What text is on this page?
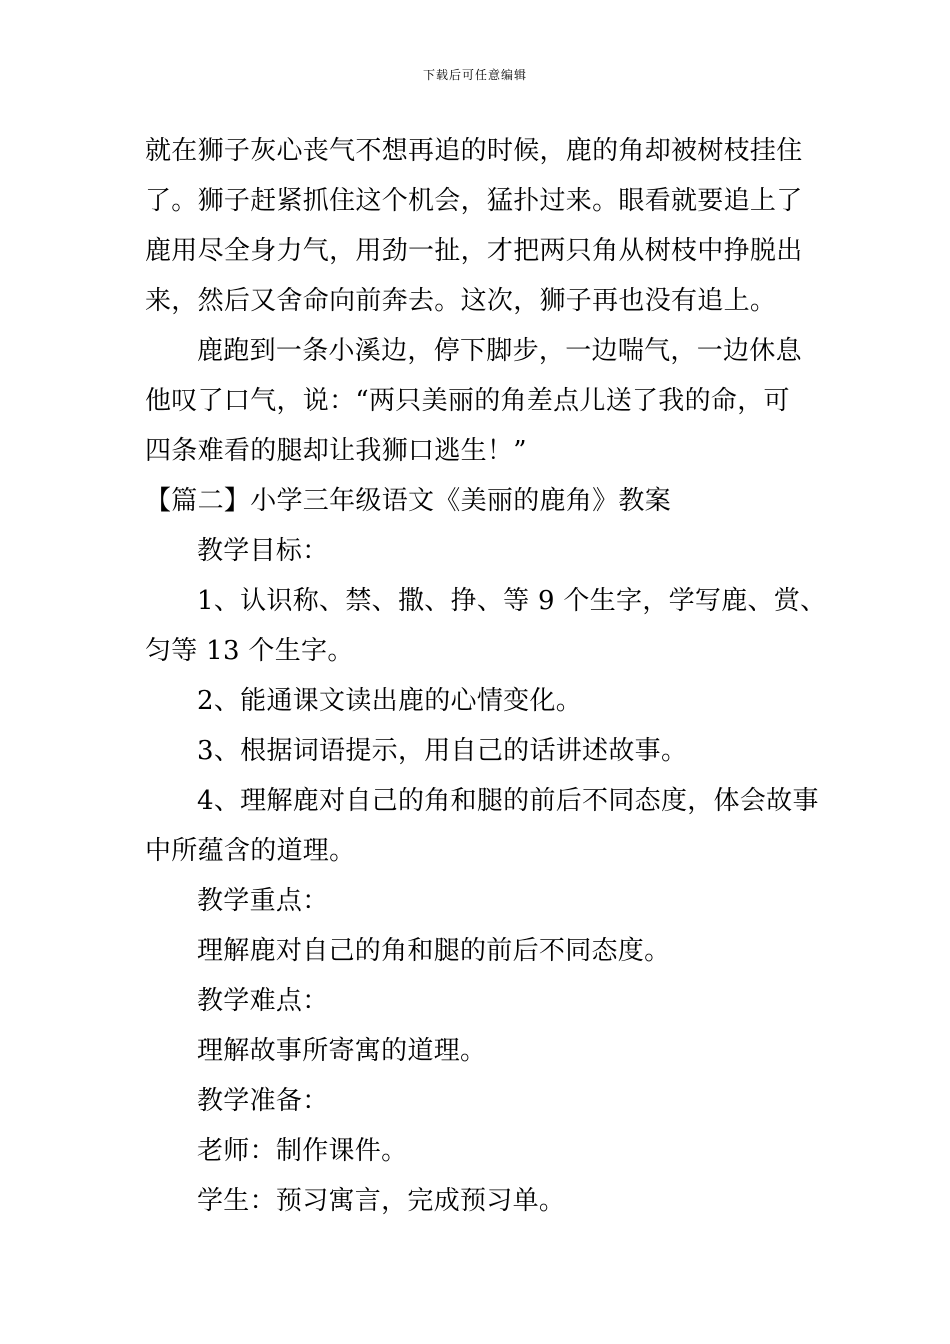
下载后可任意编辑
就在狮子灰心丧气不想再追的时候，鹿的角却被树枝挂住
了。狮子赶紧抓住这个机会，猛扑过来。眼看就要追上了
鹿用尽全身力气，用劲一扯，才把两只角从树枝中挣脱出
来，然后又舍命向前奔去。这次，狮子再也没有追上。
鹿跑到一条小溪边，停下脚步，一边喘气，一边休息
他叹了口气，说：“两只美丽的角差点儿送了我的命，可
四条难看的腿却让我狮口逃生！”
【篇二】小学三年级语文《美丽的鹿角》教案
教学目标：
1、认识称、禁、撒、挣、等 9 个生字，学写鹿、赏、
匀等 13 个生字。
2、能通课文读出鹿的心情变化。
3、根据词语提示，用自己的话讲述故事。
4、理解鹿对自己的角和腿的前后不同态度，体会故事
中所蕴含的道理。
教学重点：
理解鹿对自己的角和腿的前后不同态度。
教学难点：
理解故事所寄寓的道理。
教学准备：
老师：制作课件。
学生：预习寓言，完成预习单。
